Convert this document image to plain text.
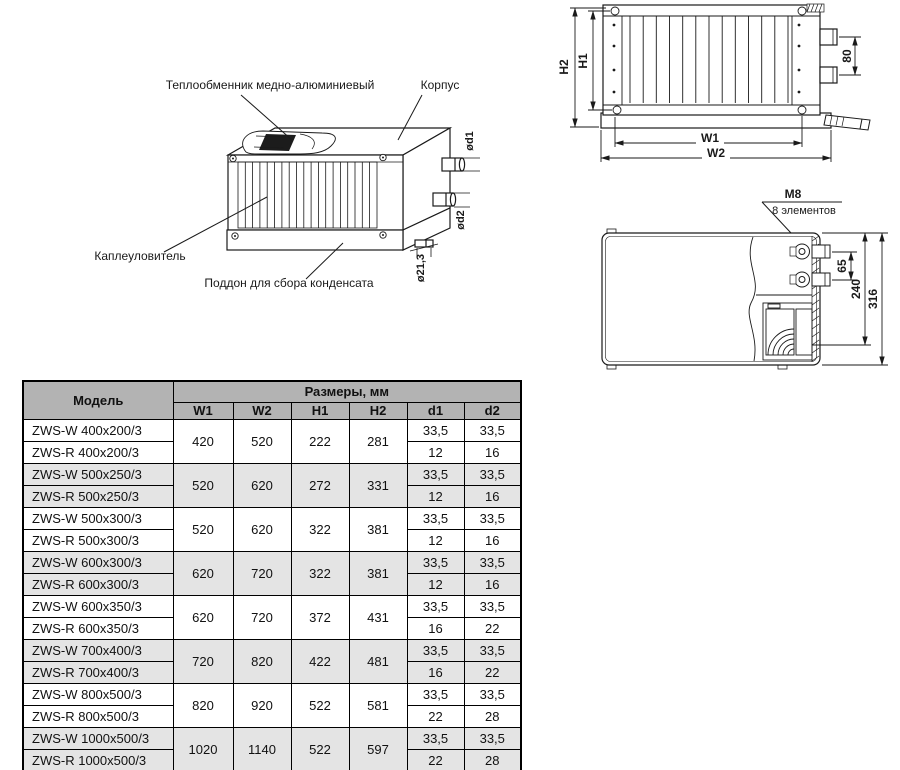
Теплообменник медно-алюминиевый	Корпус
Каплеуловитель
Поддон для сбора конденсата
ød1
ød2
ø21,3
H2 H1	80
W1
W2
M8
8 элементов
65
240 316
Модель	Размеры, мм					
	W1	W2	H1	H2	d1	d2
ZWS-W 400x200/3	420	520	222	281	33,5	33,5
ZWS-R 400x200/3					12	16
ZWS-W 500x250/3	520	620	272	331	33,5	33,5
ZWS-R 500x250/3					12	16
ZWS-W 500x300/3	520	620	322	381	33,5	33,5
ZWS-R 500x300/3					12	16
ZWS-W 600x300/3	620	720	322	381	33,5	33,5
ZWS-R 600x300/3					12	16
ZWS-W 600x350/3	620	720	372	431	33,5	33,5
ZWS-R 600x350/3					16	22
ZWS-W 700x400/3	720	820	422	481	33,5	33,5
ZWS-R 700x400/3					16	22
ZWS-W 800x500/3	820	920	522	581	33,5	33,5
ZWS-R 800x500/3					22	28
ZWS-W 1000x500/3	1020	1140	522	597	33,5	33,5
ZWS-R 1000x500/3					22	28
